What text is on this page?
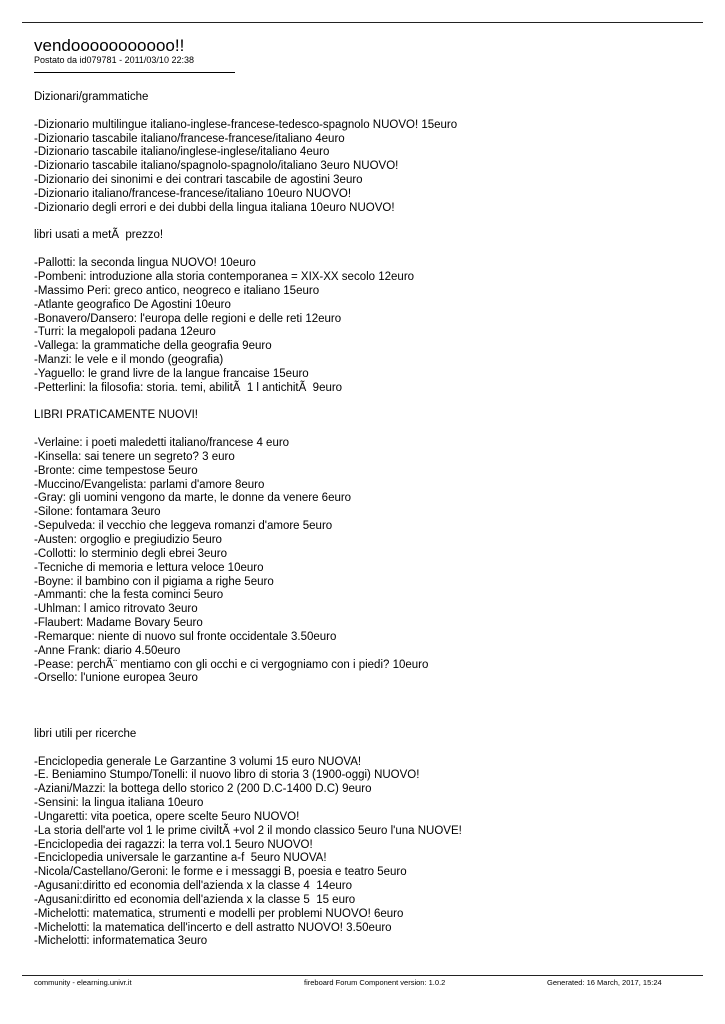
vendooooooooooo!!
Postato da id079781 - 2011/03/10 22:38
Dizionari/grammatiche
-Dizionario multilingue italiano-inglese-francese-tedesco-spagnolo NUOVO! 15euro
-Dizionario tascabile italiano/francese-francese/italiano 4euro
-Dizionario tascabile italiano/inglese-inglese/italiano 4euro
-Dizionario tascabile italiano/spagnolo-spagnolo/italiano 3euro NUOVO!
-Dizionario dei sinonimi e dei contrari tascabile de agostini 3euro
-Dizionario italiano/francese-francese/italiano 10euro NUOVO!
-Dizionario degli errori e dei dubbi della lingua italiana 10euro NUOVO!
libri usati a metÃ  prezzo!
-Pallotti: la seconda lingua NUOVO! 10euro
-Pombeni: introduzione alla storia contemporanea = XIX-XX secolo 12euro
-Massimo Peri: greco antico, neogreco e italiano 15euro
-Atlante geografico De Agostini 10euro
-Bonavero/Dansero: l'europa delle regioni e delle reti 12euro
-Turri: la megalopoli padana 12euro
-Vallega: la grammatiche della geografia 9euro
-Manzi: le vele e il mondo (geografia)
-Yaguello: le grand livre de la langue francaise 15euro
-Petterlini: la filosofia: storia. temi, abilitÃ  1 l antichitÃ  9euro
LIBRI PRATICAMENTE NUOVI!
-Verlaine: i poeti maledetti italiano/francese 4 euro
-Kinsella: sai tenere un segreto? 3 euro
-Bronte: cime tempestose 5euro
-Muccino/Evangelista: parlami d'amore 8euro
-Gray: gli uomini vengono da marte, le donne da venere 6euro
-Silone: fontamara 3euro
-Sepulveda: il vecchio che leggeva romanzi d'amore 5euro
-Austen: orgoglio e pregiudizio 5euro
-Collotti: lo sterminio degli ebrei 3euro
-Tecniche di memoria e lettura veloce 10euro
-Boyne: il bambino con il pigiama a righe 5euro
-Ammanti: che la festa cominci 5euro
-Uhlman: l amico ritrovato 3euro
-Flaubert: Madame Bovary 5euro
-Remarque: niente di nuovo sul fronte occidentale 3.50euro
-Anne Frank: diario 4.50euro
-Pease: perchÃ¨ mentiamo con gli occhi e ci vergogniamo con i piedi? 10euro
-Orsello: l'unione europea 3euro
libri utili per ricerche
-Enciclopedia generale Le Garzantine 3 volumi 15 euro NUOVA!
-E. Beniamino Stumpo/Tonelli: il nuovo libro di storia 3 (1900-oggi) NUOVO!
-Aziani/Mazzi: la bottega dello storico 2 (200 D.C-1400 D.C) 9euro
-Sensini: la lingua italiana 10euro
-Ungaretti: vita poetica, opere scelte 5euro NUOVO!
-La storia dell'arte vol 1 le prime civiltÃ +vol 2 il mondo classico 5euro l'una NUOVE!
-Enciclopedia dei ragazzi: la terra vol.1 5euro NUOVO!
-Enciclopedia universale le garzantine a-f  5euro NUOVA!
-Nicola/Castellano/Geroni: le forme e i messaggi B, poesia e teatro 5euro
-Agusani:diritto ed economia dell'azienda x la classe 4  14euro
-Agusani:diritto ed economia dell'azienda x la classe 5  15 euro
-Michelotti: matematica, strumenti e modelli per problemi NUOVO! 6euro
-Michelotti: la matematica dell'incerto e dell astratto NUOVO! 3.50euro
-Michelotti: informatematica 3euro
community - elearning.univr.it	fireboard Forum Component version: 1.0.2	Generated: 16 March, 2017, 15:24
